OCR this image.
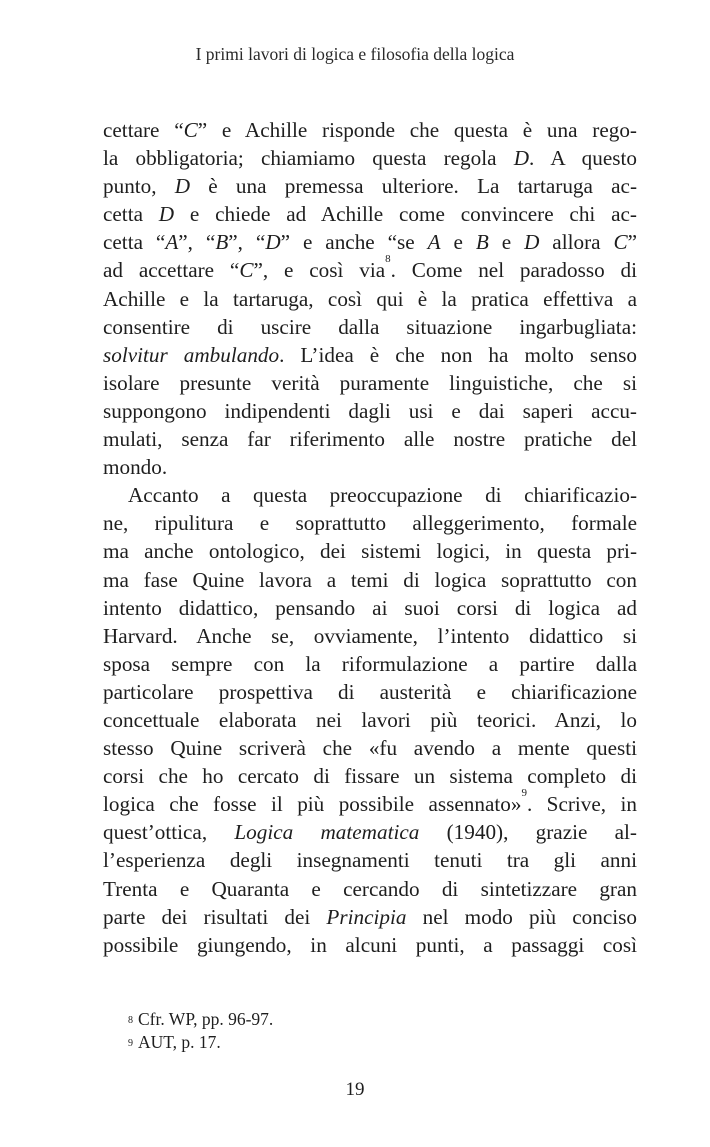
I primi lavori di logica e filosofia della logica
cettare “C” e Achille risponde che questa è una rego-
la obbligatoria; chiamiamo questa regola D. A questo
punto, D è una premessa ulteriore. La tartaruga ac-
cetta D e chiede ad Achille come convincere chi ac-
cetta “A”, “B”, “D” e anche “se A e B e D allora C”
ad accettare “C”, e così via$^8$. Come nel paradosso di
Achille e la tartaruga, così qui è la pratica effettiva a
consentire di uscire dalla situazione ingarbugliata:
solvitur ambulando. L’idea è che non ha molto senso
isolare presunte verità puramente linguistiche, che si
suppongono indipendenti dagli usi e dai saperi accu-
mulati, senza far riferimento alle nostre pratiche del
mondo.
Accanto a questa preoccupazione di chiarificazio-
ne, ripulitura e soprattutto alleggerimento, formale
ma anche ontologico, dei sistemi logici, in questa pri-
ma fase Quine lavora a temi di logica soprattutto con
intento didattico, pensando ai suoi corsi di logica ad
Harvard. Anche se, ovviamente, l’intento didattico si
sposa sempre con la riformulazione a partire dalla
particolare prospettiva di austerità e chiarificazione
concettuale elaborata nei lavori più teorici. Anzi, lo
stesso Quine scriverà che «fu avendo a mente questi
corsi che ho cercato di fissare un sistema completo di
logica che fosse il più possibile assennato»$^9$. Scrive, in
quest’ottica, Logica matematica (1940), grazie al-
l’esperienza degli insegnamenti tenuti tra gli anni
Trenta e Quaranta e cercando di sintetizzare gran
parte dei risultati dei Principia nel modo più conciso
possibile giungendo, in alcuni punti, a passaggi così
$^8$ Cfr. WP, pp. 96-97.
$^9$ AUT, p. 17.
19
